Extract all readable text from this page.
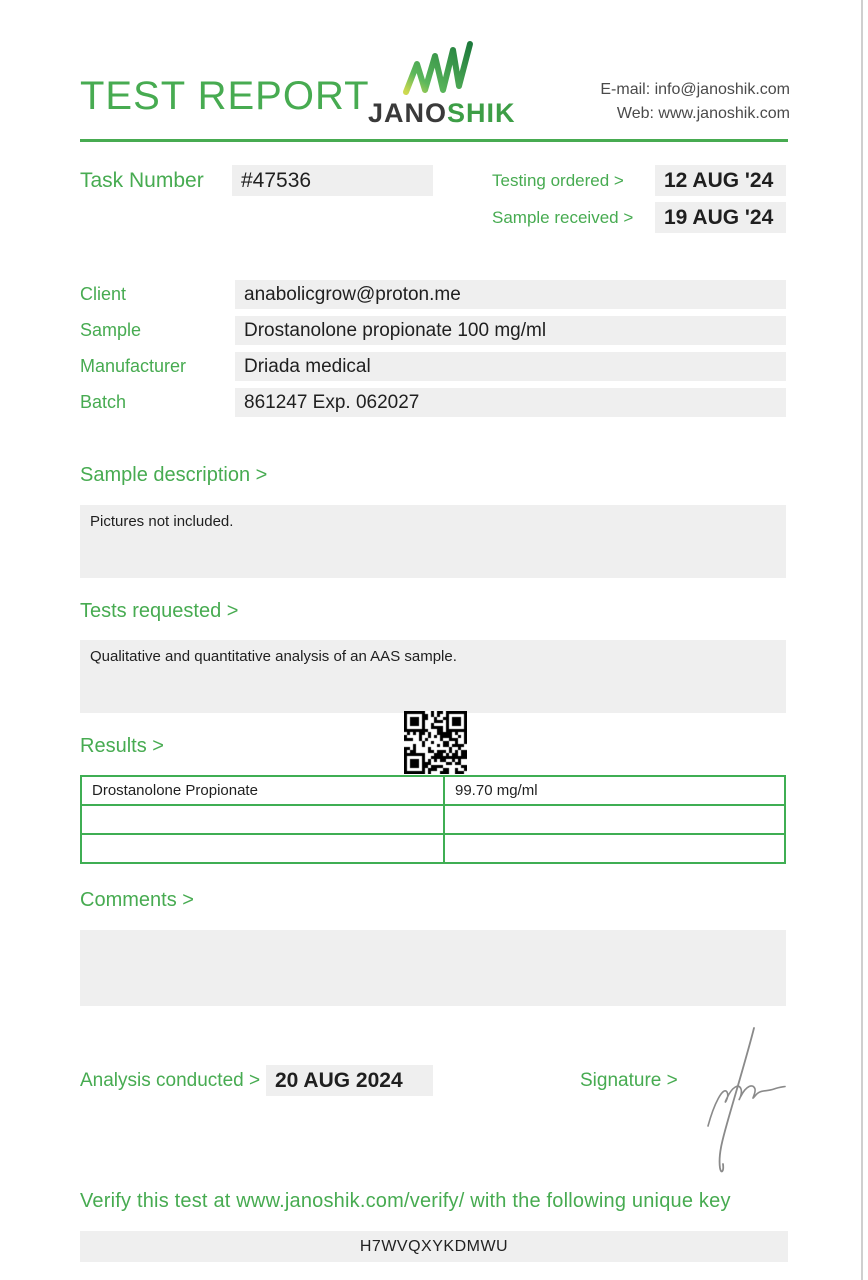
TEST REPORT
JANOSHIK
E-mail: info@janoshik.com
Web: www.janoshik.com
Task Number	#47536	Testing ordered >	12 AUG '24
Sample received >	19 AUG '24
Client	anabolicgrow@proton.me
Sample	Drostanolone propionate 100 mg/ml
Manufacturer	Driada medical
Batch	861247 Exp. 062027
Sample description >
Pictures not included.
Tests requested >
Qualitative and quantitative analysis of an AAS sample.
Results >
Drostanolone Propionate	99.70 mg/ml

Comments >
Analysis conducted > 20 AUG 2024	Signature >
Verify this test at www.janoshik.com/verify/ with the following unique key
H7WVQXYKDMWU
